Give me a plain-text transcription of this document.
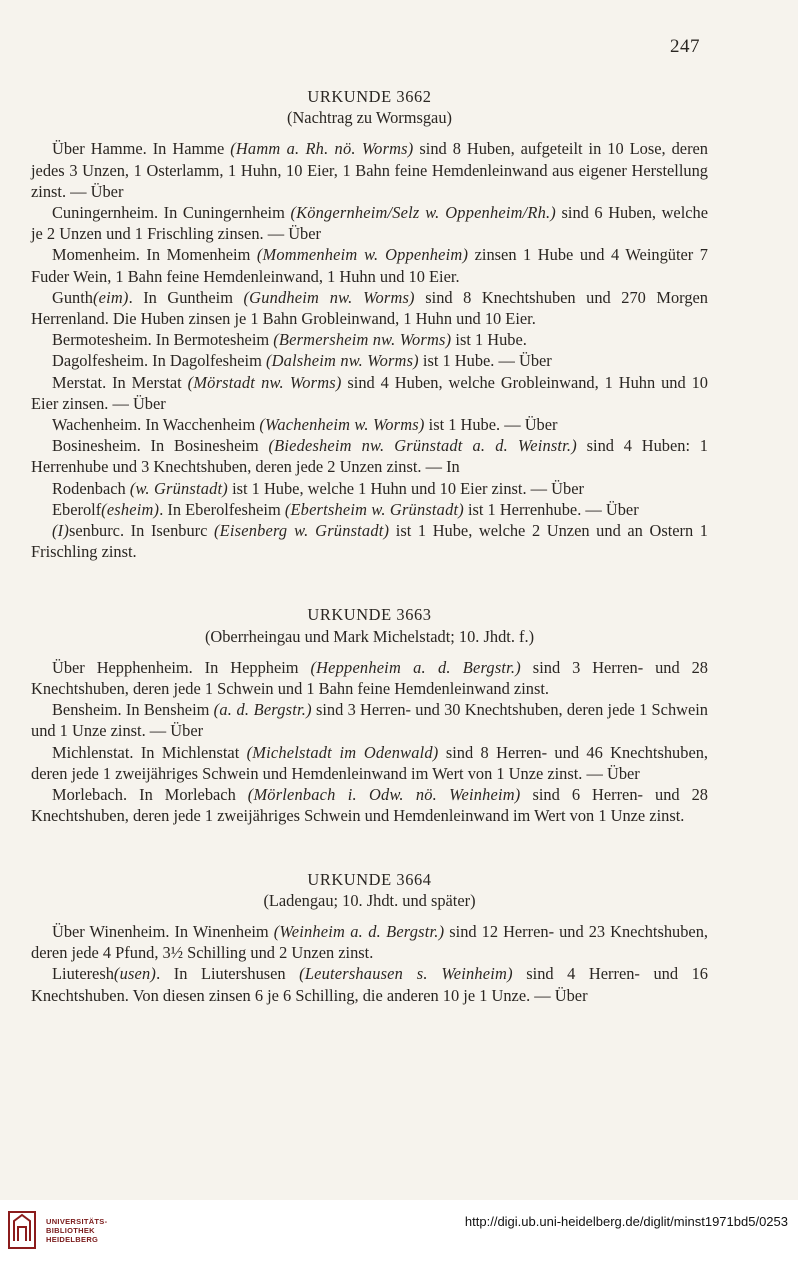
247

URKUNDE 3662

(Nachtrag zu Wormsgau)

Über Hamme. In Hamme (Hamm a. Rh. nö. Worms) sind 8 Huben, aufgeteilt in 10 Lose, deren jedes 3 Unzen, 1 Osterlamm, 1 Huhn, 10 Eier, 1 Bahn feine Hemdenleinwand aus eigener Herstellung zinst. — Über

Cuningernheim. In Cuningernheim (Köngernheim/Selz w. Oppenheim/Rh.) sind 6 Huben, welche je 2 Unzen und 1 Frischling zinsen. — Über

Momenheim. In Momenheim (Mommenheim w. Oppenheim) zinsen 1 Hube und 4 Weingüter 7 Fuder Wein, 1 Bahn feine Hemdenleinwand, 1 Huhn und 10 Eier.

Gunth(eim). In Guntheim (Gundheim nw. Worms) sind 8 Knechtshuben und 270 Morgen Herrenland. Die Huben zinsen je 1 Bahn Grobleinwand, 1 Huhn und 10 Eier.

Bermotesheim. In Bermotesheim (Bermersheim nw. Worms) ist 1 Hube.

Dagolfesheim. In Dagolfesheim (Dalsheim nw. Worms) ist 1 Hube. — Über

Merstat. In Merstat (Mörstadt nw. Worms) sind 4 Huben, welche Grobleinwand, 1 Huhn und 10 Eier zinsen. — Über

Wachenheim. In Wacchenheim (Wachenheim w. Worms) ist 1 Hube. — Über

Bosinesheim. In Bosinesheim (Biedesheim nw. Grünstadt a. d. Weinstr.) sind 4 Huben: 1 Herrenhube und 3 Knechtshuben, deren jede 2 Unzen zinst. — In

Rodenbach (w. Grünstadt) ist 1 Hube, welche 1 Huhn und 10 Eier zinst. — Über

Eberolf(esheim). In Eberolfesheim (Ebertsheim w. Grünstadt) ist 1 Herrenhube. — Über

(I)senburc. In Isenburc (Eisenberg w. Grünstadt) ist 1 Hube, welche 2 Unzen und an Ostern 1 Frischling zinst.

URKUNDE 3663

(Oberrheingau und Mark Michelstadt; 10. Jhdt. f.)

Über Hepphenheim. In Heppheim (Heppenheim a. d. Bergstr.) sind 3 Herren- und 28 Knechtshuben, deren jede 1 Schwein und 1 Bahn feine Hemdenleinwand zinst.

Bensheim. In Bensheim (a. d. Bergstr.) sind 3 Herren- und 30 Knechtshuben, deren jede 1 Schwein und 1 Unze zinst. — Über

Michlenstat. In Michlenstat (Michelstadt im Odenwald) sind 8 Herren- und 46 Knechtshuben, deren jede 1 zweijähriges Schwein und Hemdenleinwand im Wert von 1 Unze zinst. — Über

Morlebach. In Morlebach (Mörlenbach i. Odw. nö. Weinheim) sind 6 Herren- und 28 Knechtshuben, deren jede 1 zweijähriges Schwein und Hemdenleinwand im Wert von 1 Unze zinst.

URKUNDE 3664

(Ladengau; 10. Jhdt. und später)

Über Winenheim. In Winenheim (Weinheim a. d. Bergstr.) sind 12 Herren- und 23 Knechtshuben, deren jede 4 Pfund, 3½ Schilling und 2 Unzen zinst.

Liuteresh(usen). In Liutershusen (Leutershausen s. Weinheim) sind 4 Herren- und 16 Knechtshuben. Von diesen zinsen 6 je 6 Schilling, die anderen 10 je 1 Unze. — Über

UNIVERSITÄTS-
BIBLIOTHEK
HEIDELBERG
http://digi.ub.uni-heidelberg.de/diglit/minst1971bd5/0253
